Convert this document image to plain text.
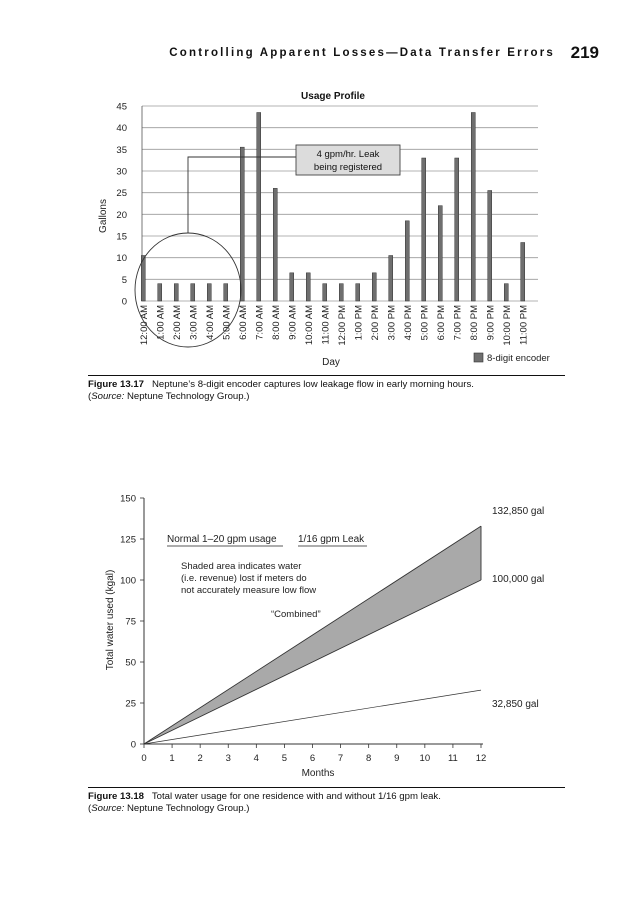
Controlling Apparent Losses—Data Transfer Errors 219
Usage Profile
0
5
10
15
20
25
30
35
40
45
12:00 AM 1:00 AM 2:00 AM 3:00 AM 4:00 AM 5:00 AM 6:00 AM 7:00 AM 8:00 AM 9:00 AM 10:00 AM 11:00 AM 12:00 PM 1:00 PM 2:00 PM 3:00 PM 4:00 PM 5:00 PM 6:00 PM 7:00 PM 8:00 PM 9:00 PM 10:00 PM 11:00 PM
Gallons
Day	8-digit encoder
4 gpm/hr. Leak
being registered
Figure 13.17 Neptune’s 8-digit encoder captures low leakage flow in early morning hours.
(Source: Neptune Technology Group.)
0
25
50
75
100
125
150
0 1 2 3 4 5 6 7 8 9 10 11 12
Total water used (kgal)
Months
132,850 gal
100,000 gal
32,850 gal
Normal 1–20 gpm usage 1/16 gpm Leak
Shaded area indicates water
(i.e. revenue) lost if meters do
not accurately measure low flow
“Combined”
Figure 13.18 Total water usage for one residence with and without 1/16 gpm leak.
(Source: Neptune Technology Group.)
